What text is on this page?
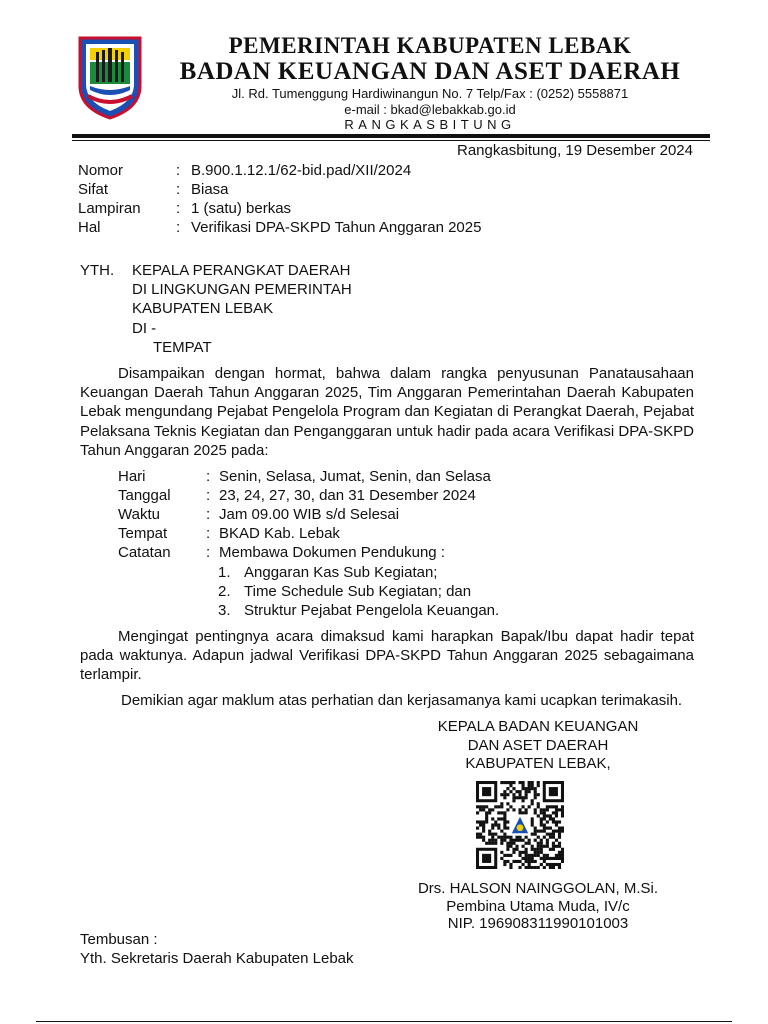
PEMERINTAH KABUPATEN LEBAK
BADAN KEUANGAN DAN ASET DAERAH
Jl. Rd. Tumenggung Hardiwinangun No. 7 Telp/Fax : (0252) 5558871
e-mail : bkad@lebakkab.go.id
RANGKASBITUNG
Rangkasbitung, 19 Desember 2024
Nomor	: B.900.1.12.1/62-bid.pad/XII/2024
Sifat	: Biasa
Lampiran : 1 (satu) berkas
Hal	: Verifikasi DPA-SKPD Tahun Anggaran 2025
YTH. KEPALA PERANGKAT DAERAH
DI LINGKUNGAN PEMERINTAH
KABUPATEN LEBAK
DI -
TEMPAT
Disampaikan dengan hormat, bahwa dalam rangka penyusunan Panatausahaan Keuangan Daerah Tahun Anggaran 2025, Tim Anggaran Pemerintahan Daerah Kabupaten Lebak mengundang Pejabat Pengelola Program dan Kegiatan di Perangkat Daerah, Pejabat Pelaksana Teknis Kegiatan dan Penganggaran untuk hadir pada acara Verifikasi DPA-SKPD Tahun Anggaran 2025 pada:
Hari	: Senin, Selasa, Jumat, Senin, dan Selasa
Tanggal : 23, 24, 27, 30, dan 31 Desember 2024
Waktu	: Jam 09.00 WIB s/d Selesai
Tempat	: BKAD Kab. Lebak
Catatan : Membawa Dokumen Pendukung :
1. Anggaran Kas Sub Kegiatan;
2. Time Schedule Sub Kegiatan; dan
3. Struktur Pejabat Pengelola Keuangan.
Mengingat pentingnya acara dimaksud kami harapkan Bapak/Ibu dapat hadir tepat pada waktunya. Adapun jadwal Verifikasi DPA-SKPD Tahun Anggaran 2025 sebagaimana terlampir.
Demikian agar maklum atas perhatian dan kerjasamanya kami ucapkan terimakasih.
KEPALA BADAN KEUANGAN
DAN ASET DAERAH
KABUPATEN LEBAK,
Drs. HALSON NAINGGOLAN, M.Si.
Pembina Utama Muda, IV/c
NIP. 196908311990101003
Tembusan :
Yth. Sekretaris Daerah Kabupaten Lebak
